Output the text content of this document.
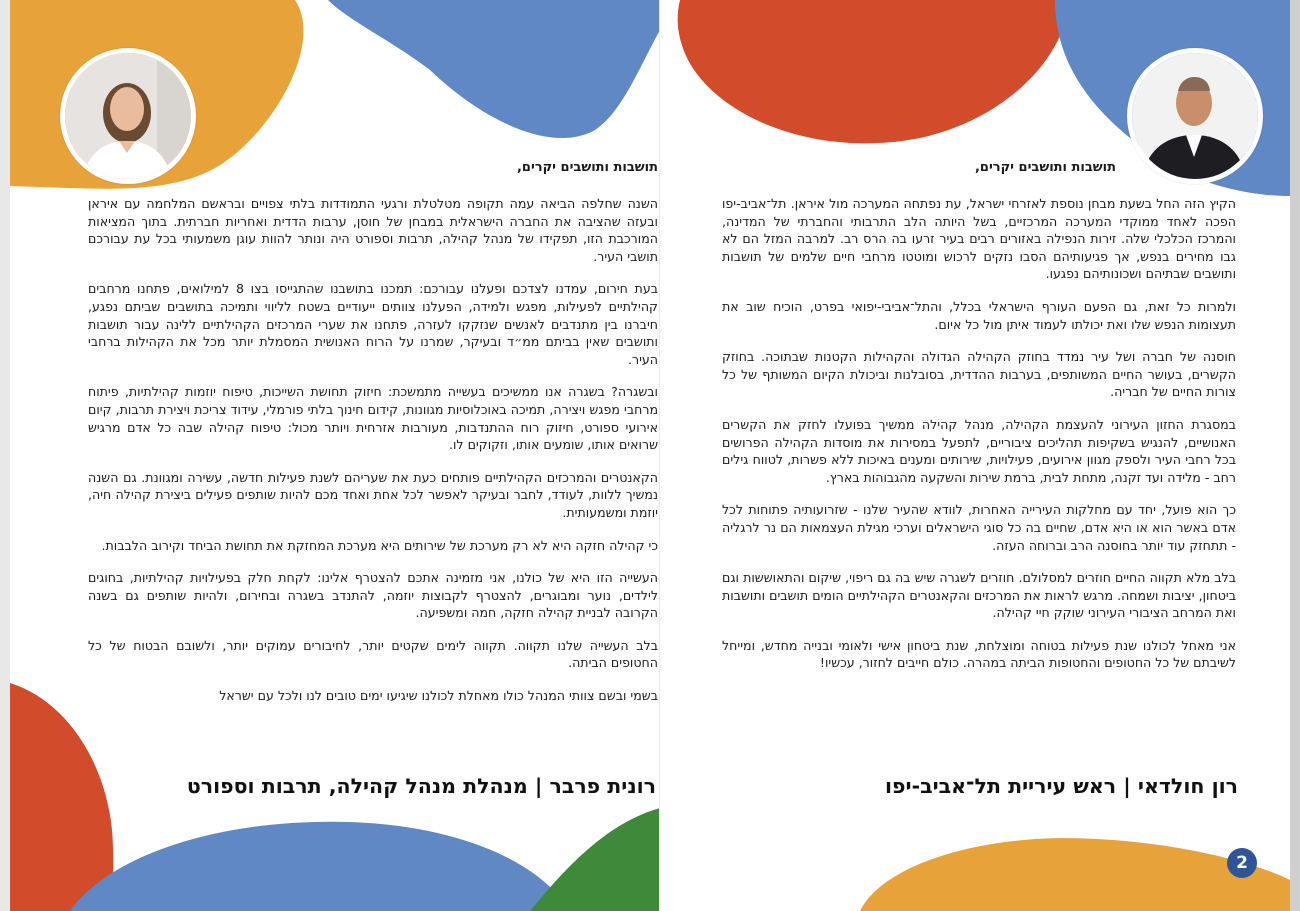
תושבות ותושבים יקרים,

השנה שחלפה הביאה עמה תקופה מטלטלת ורגעי התמודדות בלתי צפויים ובראשם המלחמה עם איראן ובעזה שהציבה את החברה הישראלית במבחן של חוסן, ערבות הדדית ואחריות חברתית. בתוך המציאות המורכבת הזו, תפקידו של מנהל קהילה, תרבות וספורט היה ונותר להוות עוגן משמעותי בכל עת עבורכם תושבי העיר.

בעת חירום, עמדנו לצדכם ופעלנו עבורכם: תמכנו בתושבנו שהתגייסו בצו 8 למילואים, פתחנו מרחבים קהילתיים לפעילות, מפגש ולמידה, הפעלנו צוותים ייעודיים בשטח לליווי ותמיכה בתושבים שביתם נפגע, חיברנו בין מתנדבים לאנשים שנזקקו לעזרה, פתחנו את שערי המרכזים הקהילתיים ללינה עבור תושבות ותושבים שאין בביתם ממ״ד ובעיקר, שמרנו על הרוח האנושית המסמלת יותר מכל את הקהילות ברחבי העיר.

ובשגרה? בשגרה אנו ממשיכים בעשייה מתמשכת: חיזוק תחושת השייכות, טיפוח יוזמות קהילתיות, פיתוח מרחבי מפגש ויצירה, תמיכה באוכלוסיות מגוונות, קידום חינוך בלתי פורמלי, עידוד צריכת ויצירת תרבות, קיום אירועי ספורט, חיזוק רוח ההתנדבות, מעורבות אזרחית ויותר מכול: טיפוח קהילה שבה כל אדם מרגיש שרואים אותו, שומעים אותו, וזקוקים לו.

הקאנטרים והמרכזים הקהילתיים פותחים כעת את שעריהם לשנת פעילות חדשה, עשירה ומגוונת. גם השנה נמשיך ללוות, לעודד, לחבר ובעיקר לאפשר לכל אחת ואחד מכם להיות שותפים פעילים ביצירת קהילה חיה, יוזמת ומשמעותית.

כי קהילה חזקה היא לא רק מערכת של שירותים היא מערכת המחזקת את תחושת הביחד וקירוב הלבבות.

העשייה הזו היא של כולנו, אני מזמינה אתכם להצטרף אלינו: לקחת חלק בפעילויות קהילתיות, בחוגים לילדים, נוער ומבוגרים, להצטרף לקבוצות יוזמה, להתנדב בשגרה ובחירום, ולהיות שותפים גם בשנה הקרובה לבניית קהילה חזקה, חמה ומשפיעה.

בלב העשייה שלנו תקווה. תקווה לימים שקטים יותר, לחיבורים עמוקים יותר, ולשובם הבטוח של כל החטופים הביתה.

בשמי ובשם צוותי המנהל כולו מאחלת לכולנו שיגיעו ימים טובים לנו ולכל עם ישראל

רונית פרבר | מנהלת מנהל קהילה, תרבות וספורט
תושבות ותושבים יקרים,

הקיץ הזה החל בשעת מבחן נוספת לאזרחי ישראל, עת נפתחה המערכה מול איראן. תל־אביב-יפו הפכה לאחד ממוקדי המערכה המרכזיים, בשל היותה הלב התרבותי והחברתי של המדינה, והמרכז הכלכלי שלה. זירות הנפילה באזורים רבים בעיר זרעו בה הרס רב. למרבה המזל הם לא גבו מחירים בנפש, אך פגיעותיהם הסבו נזקים לרכוש ומוטטו מרחבי חיים שלמים של תושבות ותושבים שבתיהם ושכונותיהם נפגעו.

ולמרות כל זאת, גם הפעם העורף הישראלי בכלל, והתל־אביבי-יפואי בפרט, הוכיח שוב את תעצומות הנפש שלו ואת יכולתו לעמוד איתן מול כל איום.

חוסנה של חברה ושל עיר נמדד בחוזק הקהילה הגדולה והקהילות הקטנות שבתוכה. בחוזק הקשרים, בעושר החיים המשותפים, בערבות ההדדית, בסובלנות וביכולת הקיום המשותף של כל צורות החיים של חבריה.

במסגרת החזון העירוני להעצמת הקהילה, מנהל קהילה ממשיך בפועלו לחזק את הקשרים האנושיים, להנגיש בשקיפות תהליכים ציבוריים, לתפעל במסירות את מוסדות הקהילה הפרושים בכל רחבי העיר ולספק מגוון אירועים, פעילויות, שירותים ומענים באיכות ללא פשרות, לטווח גילים רחב - מלידה ועד זקנה, מתחת לבית, ברמת שירות והשקעה מהגבוהות בארץ.

כך הוא פועל, יחד עם מחלקות העירייה האחרות, לוודא שהעיר שלנו - שזרועותיה פתוחות לכל אדם באשר הוא או היא אדם, שחיים בה כל סוגי הישראלים וערכי מגילת העצמאות הם נר לרגליה - תתחזק עוד יותר בחוסנה הרב וברוחה העזה.

בלב מלא תקווה החיים חוזרים למסלולם. חוזרים לשגרה שיש בה גם ריפוי, שיקום והתאוששות וגם ביטחון, יציבות ושמחה. מרגש לראות את המרכזים והקאנטרים הקהילתיים הומים תושבים ותושבות ואת המרחב הציבורי העירוני שוקק חיי קהילה.

אני מאחל לכולנו שנת פעילות בטוחה ומוצלחת, שנת ביטחון אישי ולאומי ובנייה מחדש, ומייחל לשיבתם של כל החטופים והחטופות הביתה במהרה. כולם חייבים לחזור, עכשיו!

רון חולדאי | ראש עיריית תל־אביב-יפו
2
